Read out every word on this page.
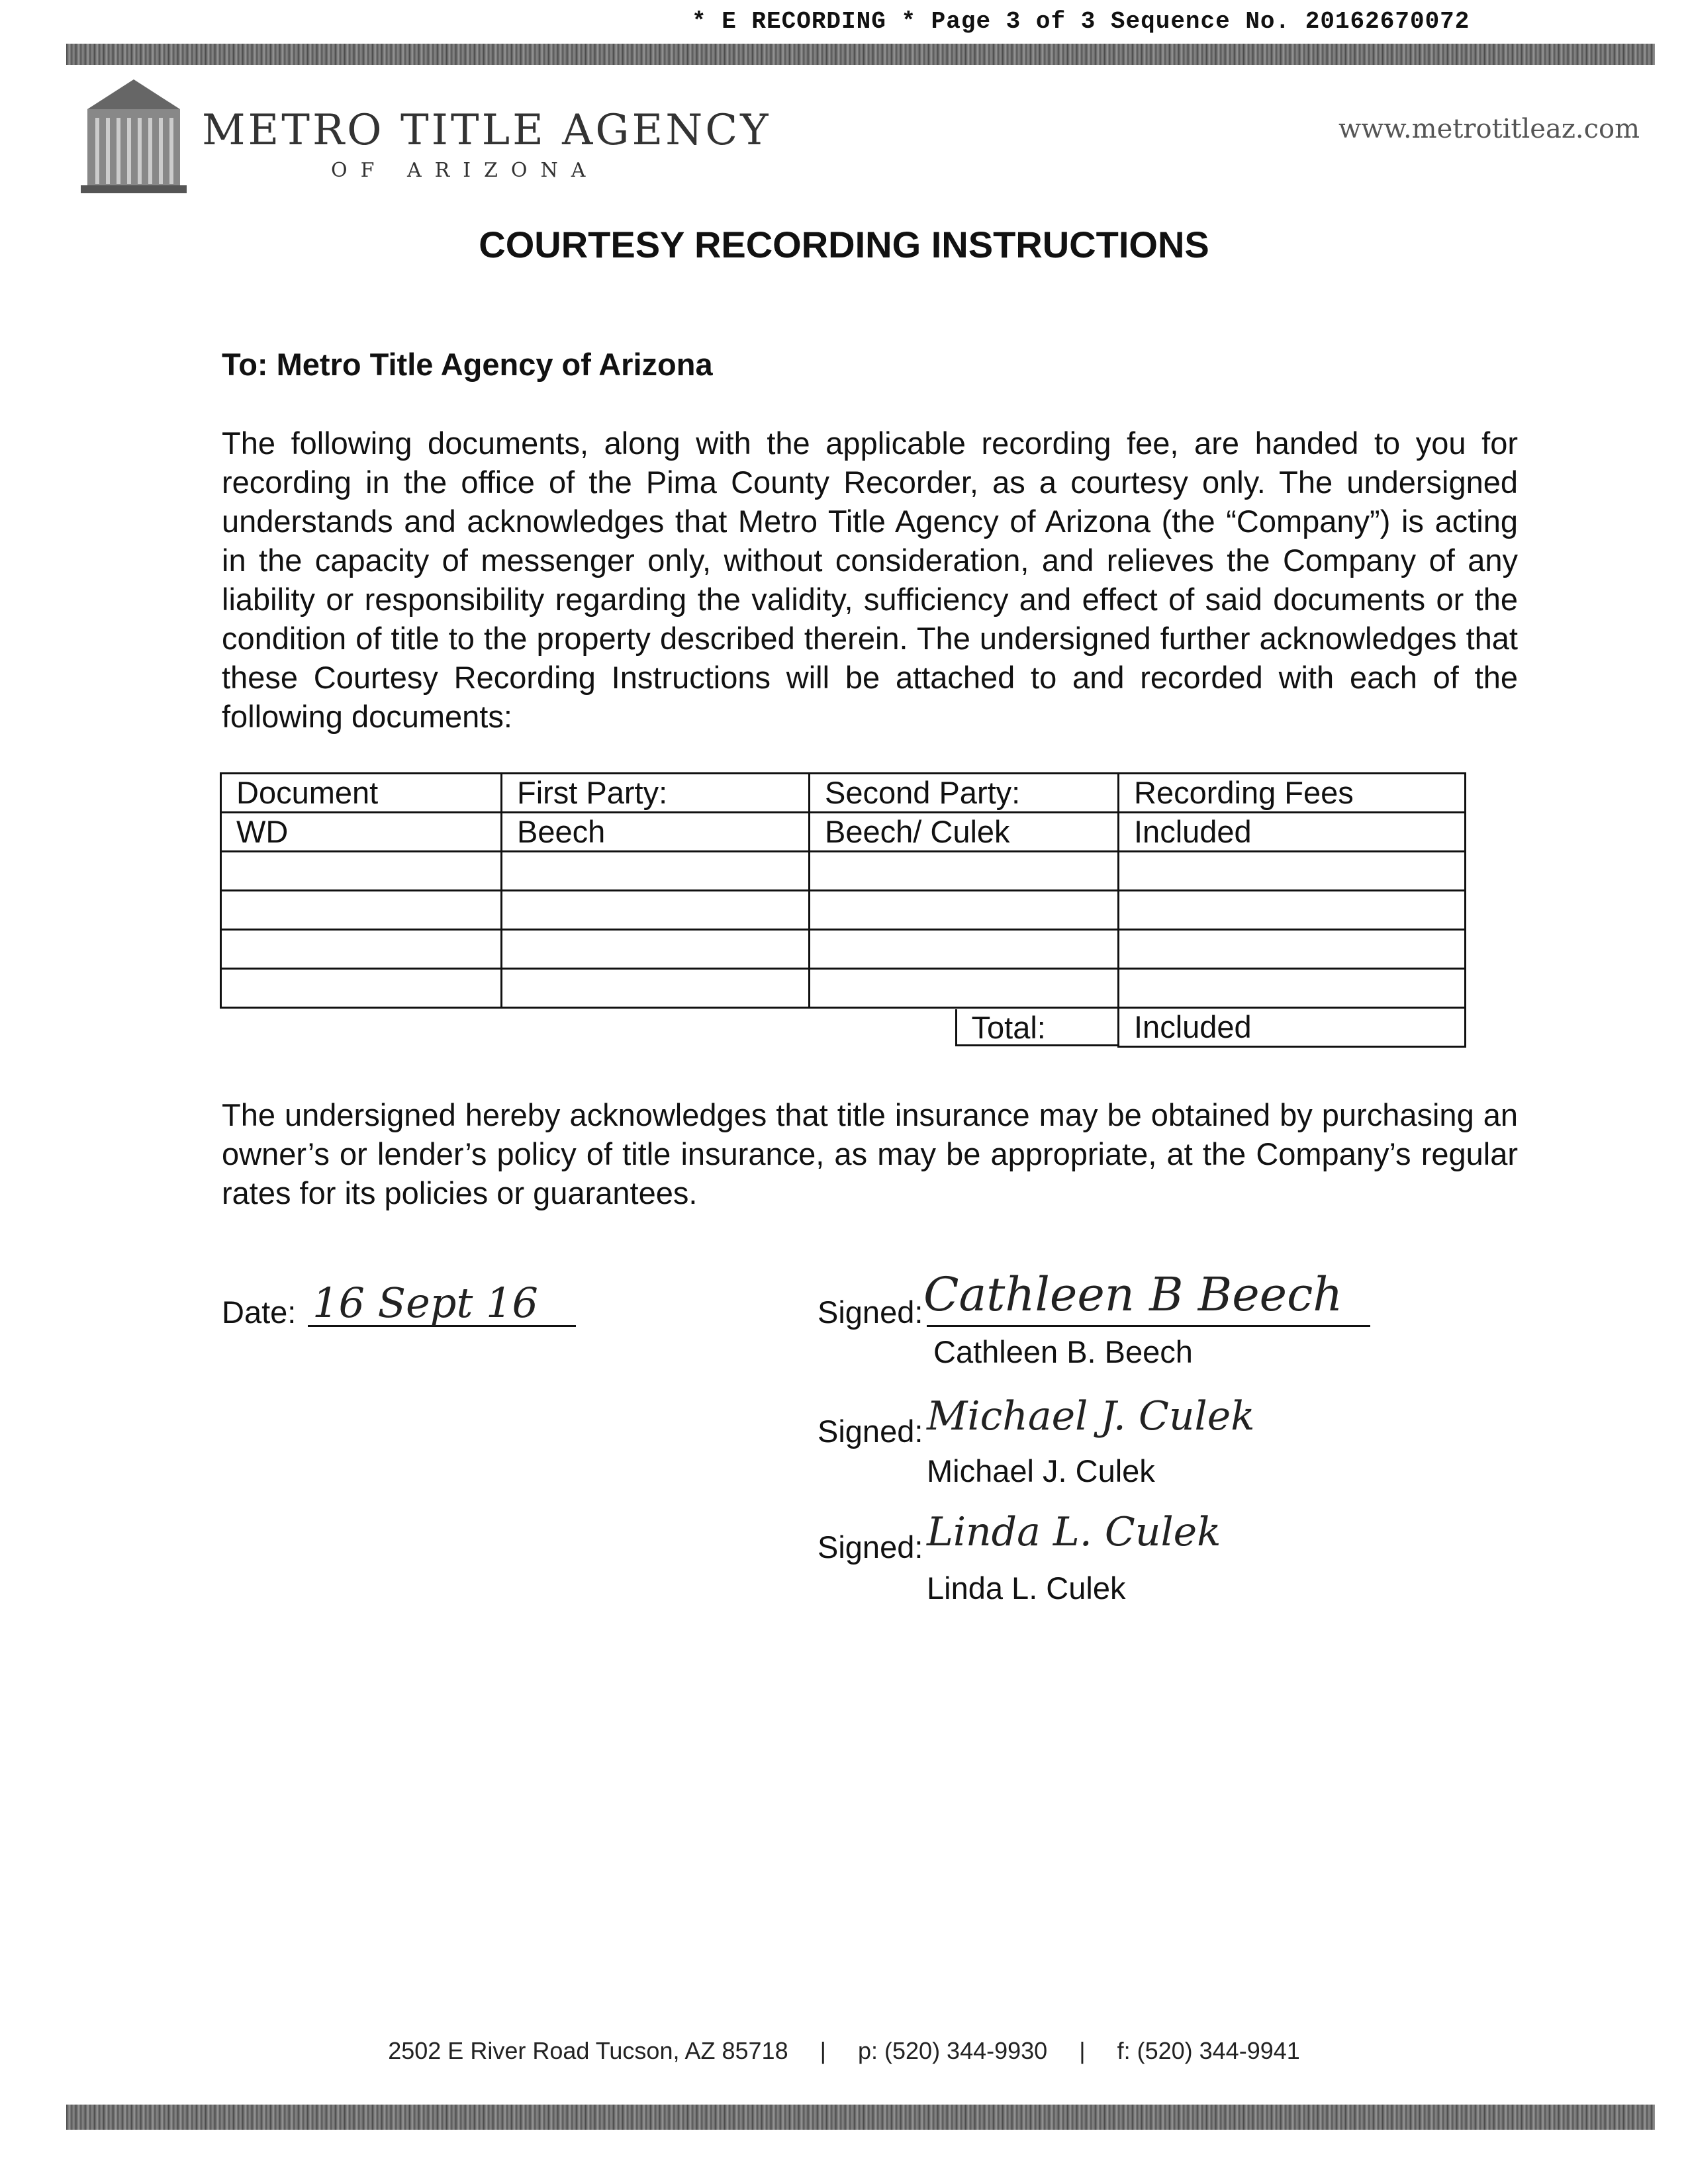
* E RECORDING * Page 3 of 3 Sequence No. 20162670072
METRO TITLE AGENCY
OF ARIZONA
www.metrotitleaz.com
COURTESY RECORDING INSTRUCTIONS
To: Metro Title Agency of Arizona
The following documents, along with the applicable recording fee, are handed to you for recording in the office of the Pima County Recorder, as a courtesy only. The undersigned understands and acknowledges that Metro Title Agency of Arizona (the “Company”) is acting in the capacity of messenger only, without consideration, and relieves the Company of any liability or responsibility regarding the validity, sufficiency and effect of said documents or the condition of title to the property described therein. The undersigned further acknowledges that these Courtesy Recording Instructions will be attached to and recorded with each of the following documents:
Document	First Party:	Second Party:	Recording Fees
WD	Beech	Beech/ Culek	Included

		Total:	Included
The undersigned hereby acknowledges that title insurance may be obtained by purchasing an owner’s or lender’s policy of title insurance, as may be appropriate, at the Company’s regular rates for its policies or guarantees.
Date: 16 Sept 16	Signed: Cathleen B Beech
Cathleen B. Beech
Signed: Michael J. Culek
Michael J. Culek
Signed: Linda L. Culek
Linda L. Culek
2502 E River Road Tucson, AZ 85718 | p: (520) 344-9930 | f: (520) 344-9941
